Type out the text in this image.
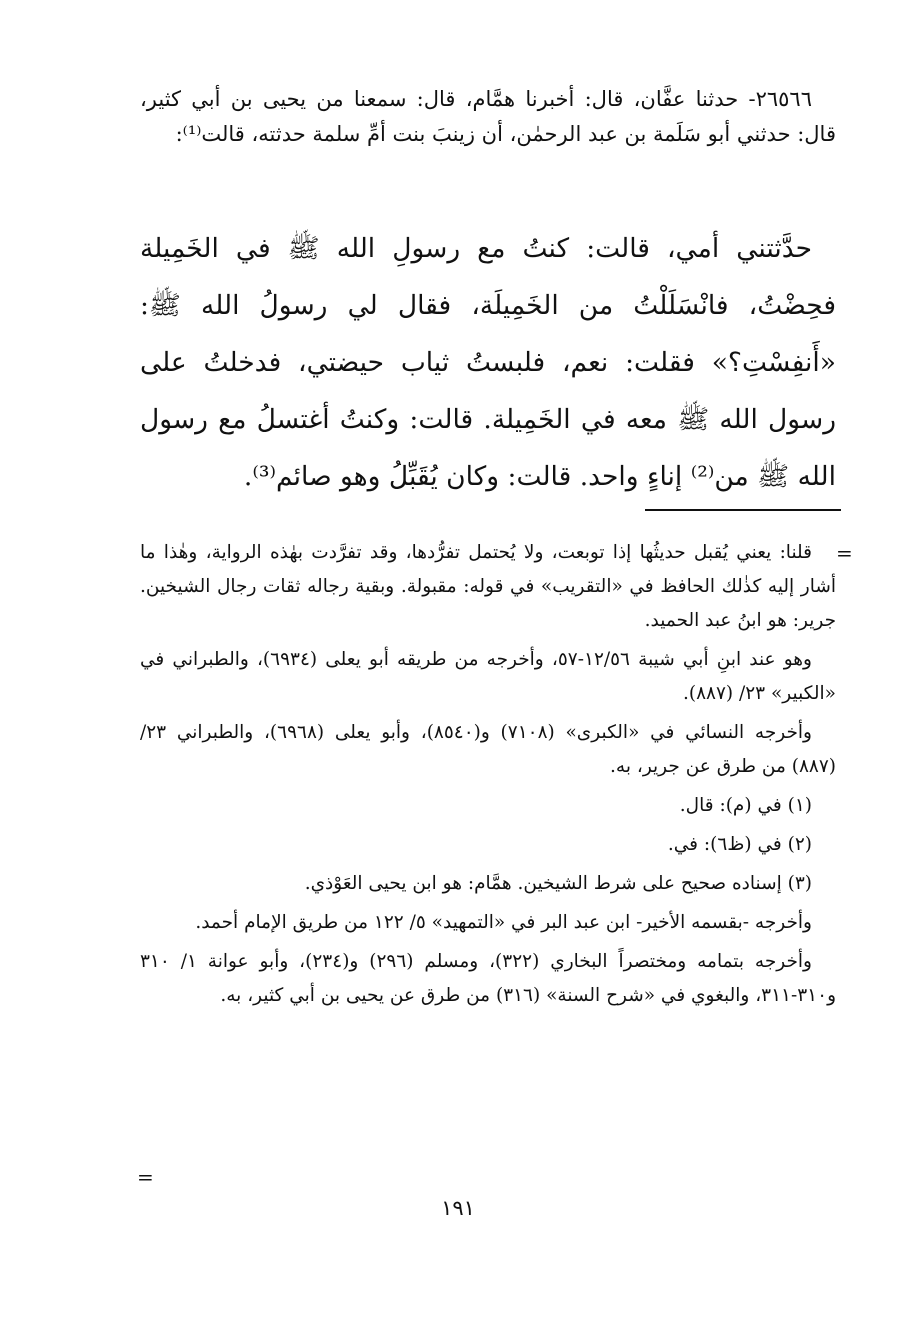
٢٦٥٦٦- حدثنا عفَّان، قال: أخبرنا همَّام، قال: سمعنا من يحيى بن أبي كثير، قال: حدثني أبو سَلَمة بن عبد الرحمٰن، أن زينبَ بنت أمِّ سلمة حدثته، قالت⁽¹⁾:

حدَّثتني أمي، قالت: كنتُ مع رسولِ الله ﷺ في الخَمِيلة فحِضْتُ، فانْسَلَلْتُ من الخَمِيلَة، فقال لي رسولُ الله ﷺ: «أَنفِسْتِ؟» فقلت: نعم، فلبستُ ثياب حيضتي، فدخلتُ على رسول الله ﷺ معه في الخَمِيلة. قالت: وكنتُ أغتسلُ مع رسول الله ﷺ من⁽²⁾ إناءٍ واحد. قالت: وكان يُقَبِّلُ وهو صائم⁽³⁾.

=

قلنا: يعني يُقبل حديثُها إذا توبعت، ولا يُحتمل تفرُّدها، وقد تفرَّدت بهٰذه الرواية، وهٰذا ما أشار إليه كذٰلك الحافظ في «التقريب» في قوله: مقبولة. وبقية رجاله ثقات رجال الشيخين. جرير: هو ابنُ عبد الحميد.

وهو عند ابنِ أبي شيبة ١٢/٥٦-٥٧، وأخرجه من طريقه أبو يعلى (٦٩٣٤)، والطبراني في «الكبير» ٢٣/ (٨٨٧).

وأخرجه النسائي في «الكبرى» (٧١٠٨) و(٨٥٤٠)، وأبو يعلى (٦٩٦٨)، والطبراني ٢٣/ (٨٨٧) من طرق عن جرير، به.

(١) في (م): قال.

(٢) في (ظ٦): في.

(٣) إسناده صحيح على شرط الشيخين. همَّام: هو ابن يحيى العَوْذي.

وأخرجه -بقسمه الأخير- ابن عبد البر في «التمهيد» ٥/ ١٢٢ من طريق الإمام أحمد.

وأخرجه بتمامه ومختصراً البخاري (٣٢٢)، ومسلم (٢٩٦) و(٢٣٤)، وأبو عوانة ١/ ٣١٠ و٣١٠-٣١١، والبغوي في «شرح السنة» (٣١٦) من طرق عن يحيى بن أبي كثير، به.

=
١٩١
